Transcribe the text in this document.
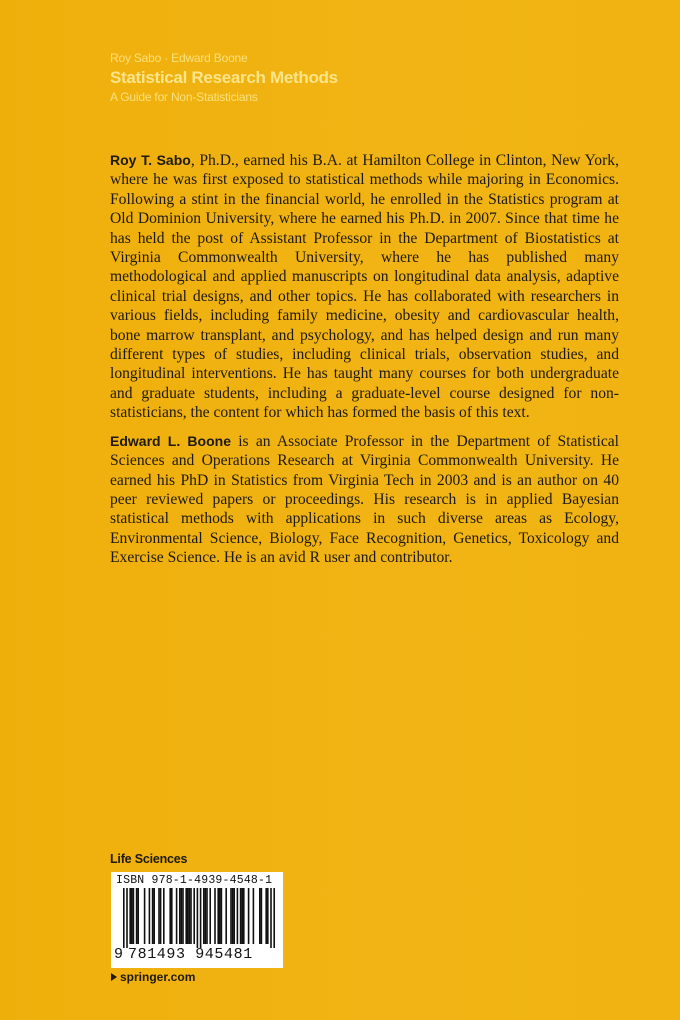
Roy Sabo · Edward Boone

Statistical Research Methods

A Guide for Non-Statisticians

Roy T. Sabo, Ph.D., earned his B.A. at Hamilton College in Clinton, New York, where he was first exposed to statistical methods while majoring in Economics. Following a stint in the financial world, he enrolled in the Statistics program at Old Dominion University, where he earned his Ph.D. in 2007. Since that time he has held the post of Assistant Professor in the Department of Biostatistics at Virginia Commonwealth University, where he has published many methodological and applied manuscripts on longitudinal data analysis, adaptive clinical trial designs, and other topics. He has collaborated with researchers in various fields, including family medicine, obesity and cardiovascular health, bone marrow transplant, and psychology, and has helped design and run many different types of studies, including clinical trials, observation studies, and longitudinal interventions. He has taught many courses for both undergraduate and graduate students, including a graduate-level course designed for non-statisticians, the content for which has formed the basis of this text.

Edward L. Boone is an Associate Professor in the Department of Statistical Sciences and Operations Research at Virginia Commonwealth University. He earned his PhD in Statistics from Virginia Tech in 2003 and is an author on 40 peer reviewed papers or proceedings. His research is in applied Bayesian statistical methods with applications in such diverse areas as Ecology, Environmental Science, Biology, Face Recognition, Genetics, Toxicology and Exercise Science. He is an avid R user and contributor.

Life Sciences
ISBN 978-1-4939-4548-1
9 781493 945481
springer.com
